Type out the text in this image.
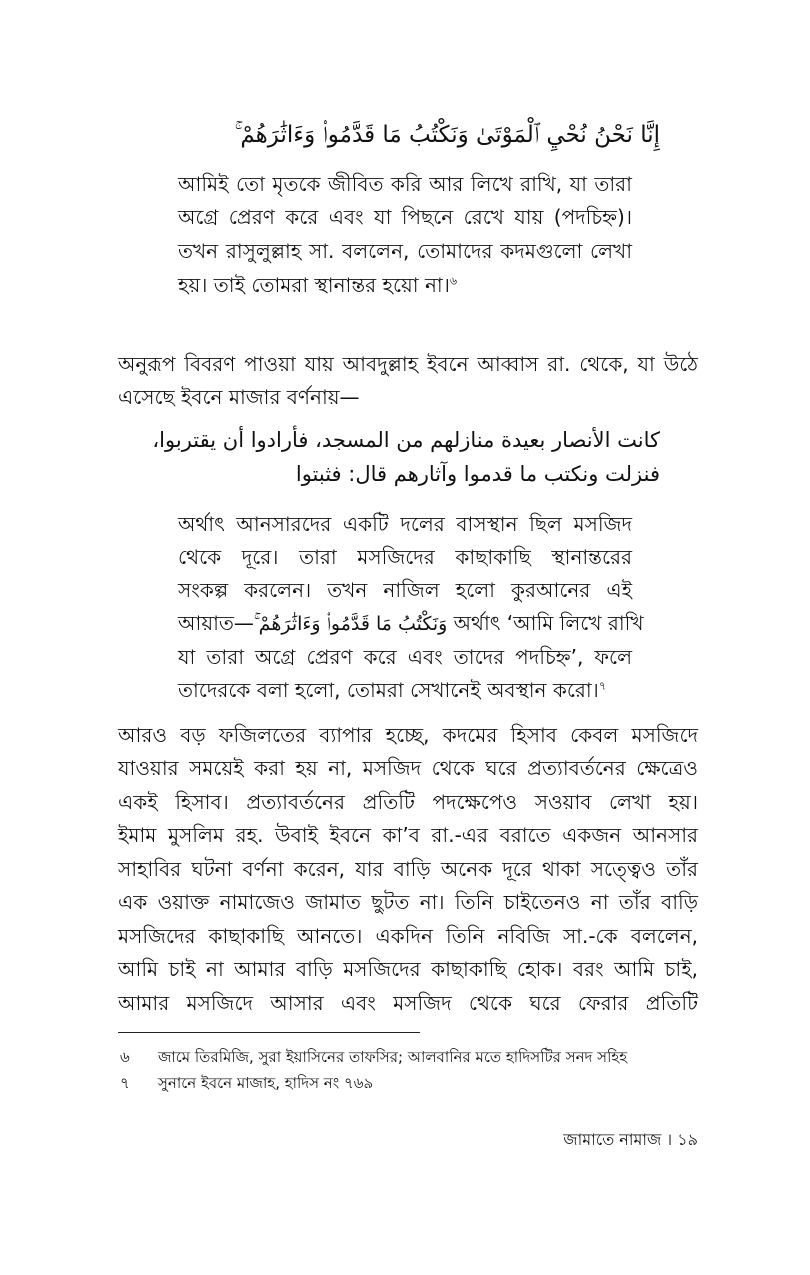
إِنَّا نَحْنُ نُحْيِ ٱلْمَوْتَىٰ وَنَكْتُبُ مَا قَدَّمُوا۟ وَءَاثَٰرَهُمْ ۚ
আমিই তো মৃতকে জীবিত করি আর লিখে রাখি, যা তারা
অগ্রে প্রেরণ করে এবং যা পিছনে রেখে যায় (পদচিহ্ন)।
তখন রাসুলুল্লাহ সা. বললেন, তোমাদের কদমগুলো লেখা
হয়। তাই তোমরা স্থানান্তর হয়ো না।$^৬$
অনুরূপ বিবরণ পাওয়া যায় আবদুল্লাহ ইবনে আব্বাস রা. থেকে, যা উঠে
এসেছে ইবনে মাজার বর্ণনায়—
كانت الأنصار بعيدة منازلهم من المسجد، فأرادوا أن يقتربوا،
فنزلت ونكتب ما قدموا وآثارهم قال: فثبتوا
অর্থাৎ আনসারদের একটি দলের বাসস্থান ছিল মসজিদ
থেকে দূরে। তারা মসজিদের কাছাকাছি স্থানান্তরের
সংকল্প করলেন। তখন নাজিল হলো কুরআনের এই
আয়াত—وَنَكْتُبُ مَا قَدَّمُوا۟ وَءَاثَٰرَهُمْ ۚ অর্থাৎ ‘আমি লিখে রাখি
যা তারা অগ্রে প্রেরণ করে এবং তাদের পদচিহ্ন’, ফলে
তাদেরকে বলা হলো, তোমরা সেখানেই অবস্থান করো।$^৭$
আরও বড় ফজিলতের ব্যাপার হচ্ছে, কদমের হিসাব কেবল মসজিদে
যাওয়ার সময়েই করা হয় না, মসজিদ থেকে ঘরে প্রত্যাবর্তনের ক্ষেত্রেও
একই হিসাব। প্রত্যাবর্তনের প্রতিটি পদক্ষেপেও সওয়াব লেখা হয়।
ইমাম মুসলিম রহ. উবাই ইবনে কা’ব রা.-এর বরাতে একজন আনসার
সাহাবির ঘটনা বর্ণনা করেন, যার বাড়ি অনেক দূরে থাকা সত্ত্বেও তাঁর
এক ওয়াক্ত নামাজেও জামাত ছুটত না। তিনি চাইতেনও না তাঁর বাড়ি
মসজিদের কাছাকাছি আনতে। একদিন তিনি নবিজি সা.-কে বললেন,
আমি চাই না আমার বাড়ি মসজিদের কাছাকাছি হোক। বরং আমি চাই,
আমার মসজিদে আসার এবং মসজিদ থেকে ঘরে ফেরার প্রতিটি
৬ জামে তিরমিজি, সুরা ইয়াসিনের তাফসির; আলবানির মতে হাদিসটির সনদ সহিহ
৭ সুনানে ইবনে মাজাহ, হাদিস নং ৭৬৯
জামাতে নামাজ । ১৯
